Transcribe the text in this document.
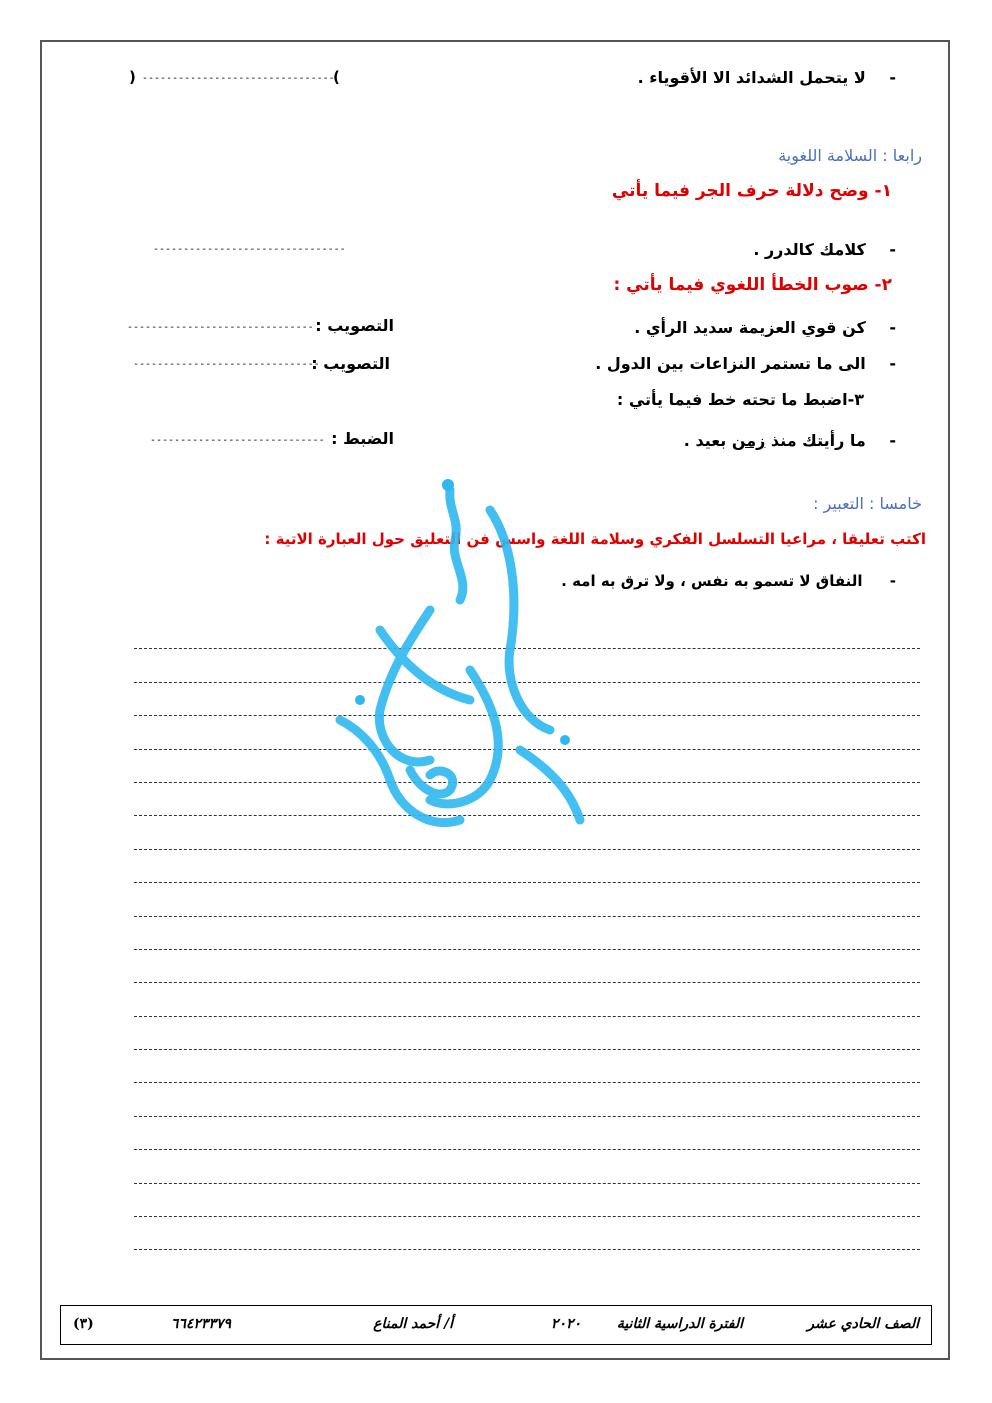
- لا يتحمل الشدائد الا الأقوياء .
(
--------------------------------
)
رابعا : السلامة اللغوية
١- وضح دلالة حرف الجر فيما يأتي
- كلامك كالدرر .
--------------------------------
٢- صوب الخطأ اللغوي فيما يأتي :
- كن قوي العزيمة سديد الرأي .
التصويب :
-------------------------------
- الى ما تستمر النزاعات بين الدول .
التصويب :
-------------------------------
٣-اضبط ما تحته خط فيما يأتي :
- ما رأيتك منذ زمن بعيد .
الضبط :
-----------------------------
خامسا : التعبير :
اكتب تعليقا ، مراعيا التسلسل الفكري وسلامة اللغة واسس فن التعليق حول العبارة الاتية :
- النفاق لا تسمو به نفس ، ولا ترق به امه .
الصف الحادي عشر
الفترة الدراسية الثانية
٢٠٢٠
أ/ أحمد المناع
٦٦٤٢٣٣٧٩
(٣)
